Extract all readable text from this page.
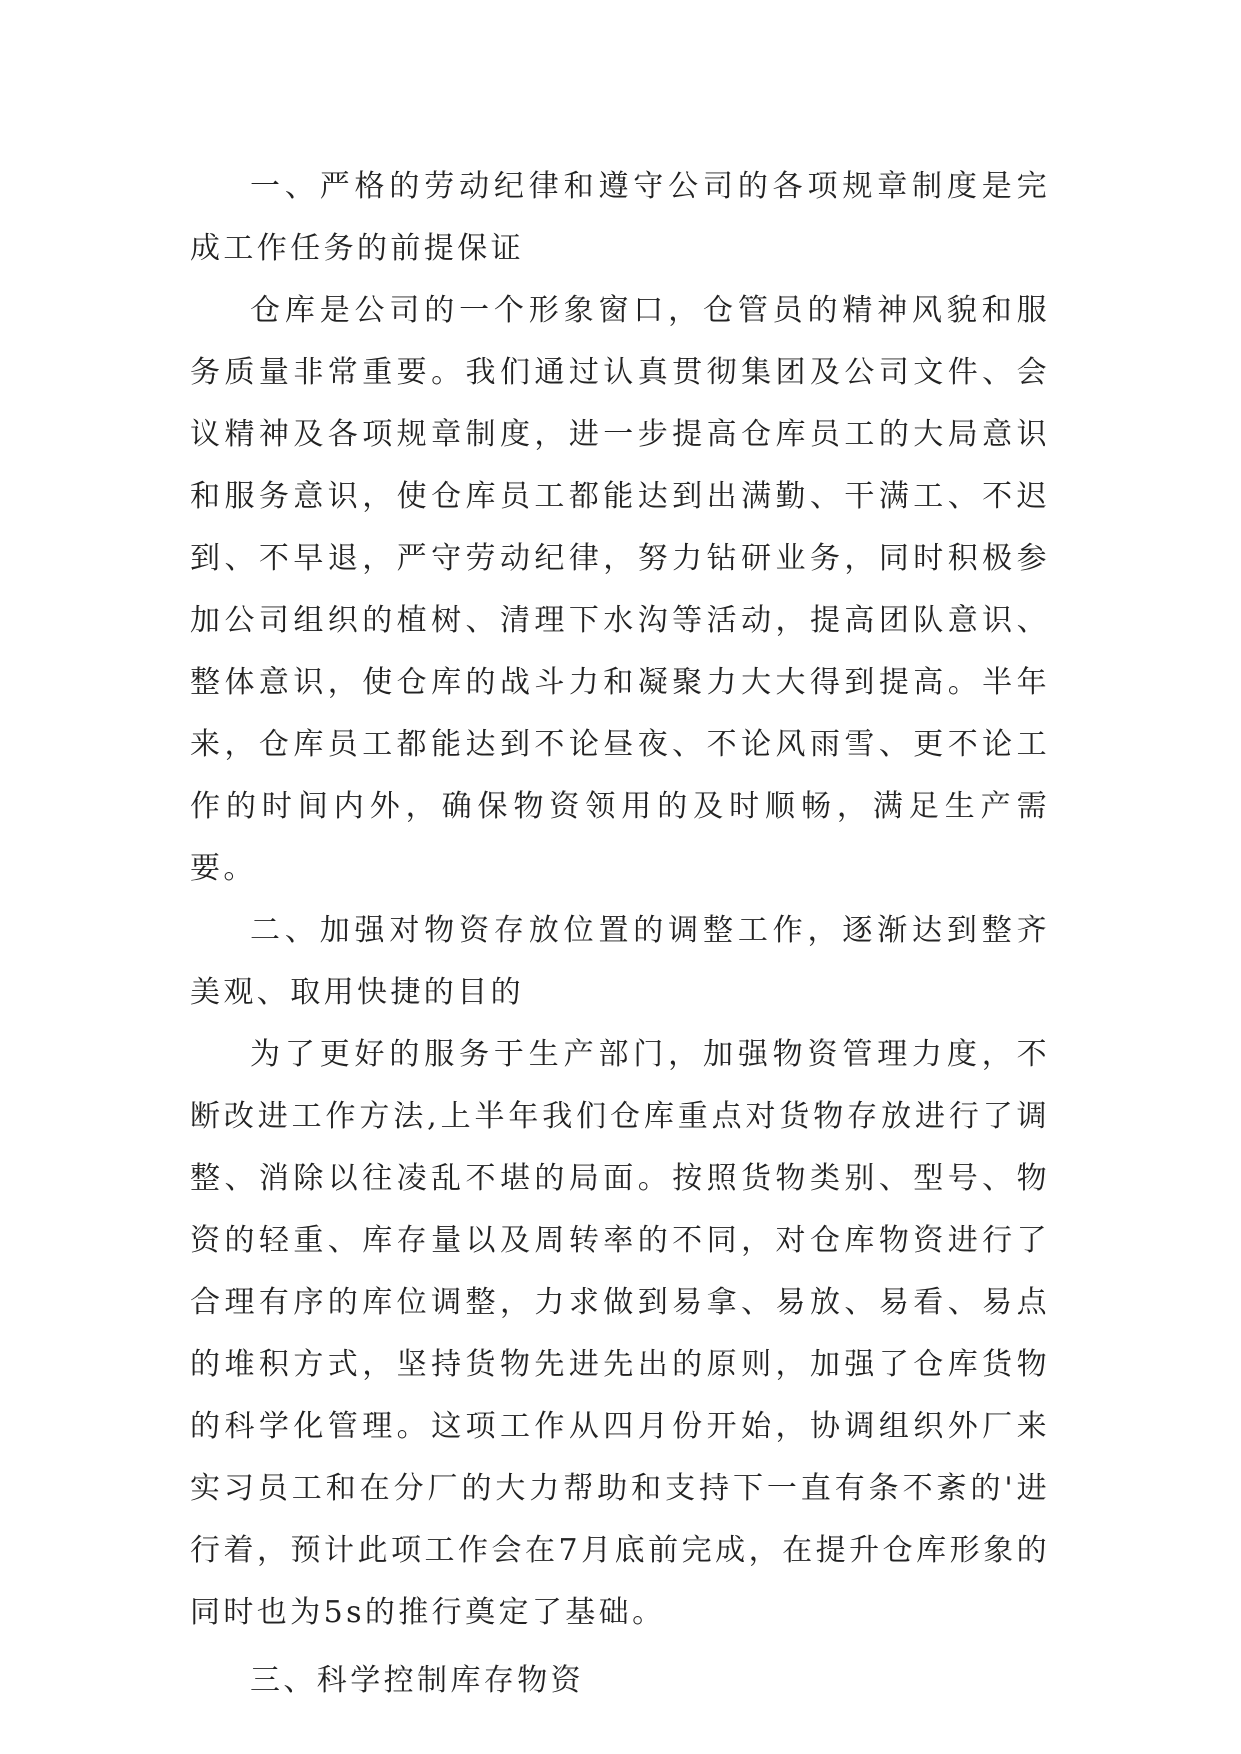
一、严格的劳动纪律和遵守公司的各项规章制度是完成工作任务的前提保证

仓库是公司的一个形象窗口，仓管员的精神风貌和服务质量非常重要。我们通过认真贯彻集团及公司文件、会议精神及各项规章制度，进一步提高仓库员工的大局意识和服务意识，使仓库员工都能达到出满勤、干满工、不迟到、不早退，严守劳动纪律，努力钻研业务，同时积极参加公司组织的植树、清理下水沟等活动，提高团队意识、整体意识，使仓库的战斗力和凝聚力大大得到提高。半年来，仓库员工都能达到不论昼夜、不论风雨雪、更不论工作的时间内外，确保物资领用的及时顺畅，满足生产需要。

二、加强对物资存放位置的调整工作，逐渐达到整齐美观、取用快捷的目的

为了更好的服务于生产部门，加强物资管理力度，不断改进工作方法,上半年我们仓库重点对货物存放进行了调整、消除以往凌乱不堪的局面。按照货物类别、型号、物资的轻重、库存量以及周转率的不同，对仓库物资进行了合理有序的库位调整，力求做到易拿、易放、易看、易点的堆积方式，坚持货物先进先出的原则，加强了仓库货物的科学化管理。这项工作从四月份开始，协调组织外厂来实习员工和在分厂的大力帮助和支持下一直有条不紊的'进行着，预计此项工作会在7月底前完成，在提升仓库形象的同时也为5s的推行奠定了基础。

三、科学控制库存物资
